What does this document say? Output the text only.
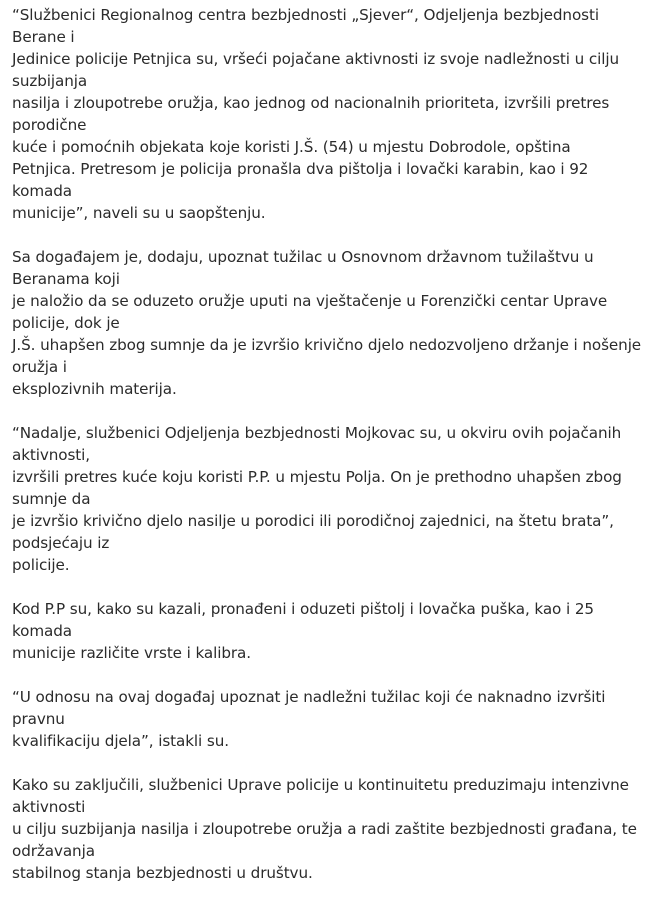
“Službenici Regionalnog centra bezbjednosti „Sjever“, Odjeljenja bezbjednosti Berane i
Jedinice policije Petnjica su, vršeći pojačane aktivnosti iz svoje nadležnosti u cilju suzbijanja
nasilja i zloupotrebe oružja, kao jednog od nacionalnih prioriteta, izvršili pretres porodične
kuće i pomoćnih objekata koje koristi J.Š. (54) u mjestu Dobrodole, opština
Petnjica. Pretresom je policija pronašla dva pištolja i lovački karabin, kao i 92 komada
municije”, naveli su u saopštenju.

Sa događajem je, dodaju, upoznat tužilac u Osnovnom državnom tužilaštvu u Beranama koji
je naložio da se oduzeto oružje uputi na vještačenje u Forenzički centar Uprave policije, dok je
J.Š. uhapšen zbog sumnje da je izvršio krivično djelo nedozvoljeno držanje i nošenje oružja i
eksplozivnih materija.

“Nadalje, službenici Odjeljenja bezbjednosti Mojkovac su, u okviru ovih pojačanih aktivnosti,
izvršili pretres kuće koju koristi P.P. u mjestu Polja. On je prethodno uhapšen zbog sumnje da
je izvršio krivično djelo nasilje u porodici ili porodičnoj zajednici, na štetu brata”, podsjećaju iz
policije.

Kod P.P su, kako su kazali, pronađeni i oduzeti pištolj i lovačka puška, kao i 25 komada
municije različite vrste i kalibra.

“U odnosu na ovaj događaj upoznat je nadležni tužilac koji će naknadno izvršiti pravnu
kvalifikaciju djela”, istakli su.

Kako su zaključili, službenici Uprave policije u kontinuitetu preduzimaju intenzivne aktivnosti
u cilju suzbijanja nasilja i zloupotrebe oružja a radi zaštite bezbjednosti građana, te održavanja
stabilnog stanja bezbjednosti u društvu.
